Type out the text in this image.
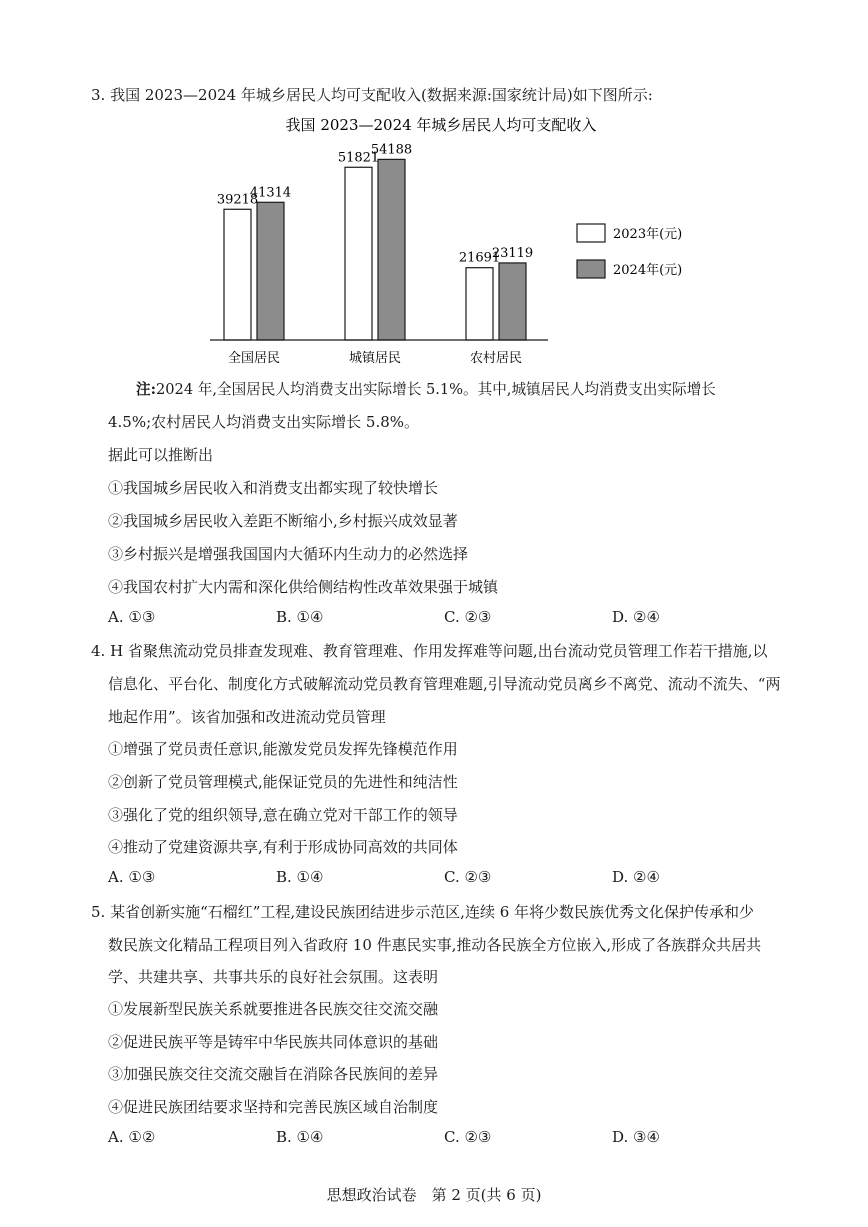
3. 我国 2023—2024 年城乡居民人均可支配收入(数据来源:国家统计局)如下图所示:
我国 2023—2024 年城乡居民人均可支配收入
39218
41314
51821
54188
21691
23119
全国居民	城镇居民	农村居民
2023年(元)
2024年(元)
注:2024 年,全国居民人均消费支出实际增长 5.1%。其中,城镇居民人均消费支出实际增长
4.5%;农村居民人均消费支出实际增长 5.8%。
据此可以推断出
①我国城乡居民收入和消费支出都实现了较快增长
②我国城乡居民收入差距不断缩小,乡村振兴成效显著
③乡村振兴是增强我国国内大循环内生动力的必然选择
④我国农村扩大内需和深化供给侧结构性改革效果强于城镇
A. ①③	B. ①④	C. ②③	D. ②④
4. H 省聚焦流动党员排查发现难、教育管理难、作用发挥难等问题,出台流动党员管理工作若干措施,以
信息化、平台化、制度化方式破解流动党员教育管理难题,引导流动党员离乡不离党、流动不流失、“两
地起作用”。该省加强和改进流动党员管理
①增强了党员责任意识,能激发党员发挥先锋模范作用
②创新了党员管理模式,能保证党员的先进性和纯洁性
③强化了党的组织领导,意在确立党对干部工作的领导
④推动了党建资源共享,有利于形成协同高效的共同体
A. ①③	B. ①④	C. ②③	D. ②④
5. 某省创新实施“石榴红”工程,建设民族团结进步示范区,连续 6 年将少数民族优秀文化保护传承和少
数民族文化精品工程项目列入省政府 10 件惠民实事,推动各民族全方位嵌入,形成了各族群众共居共
学、共建共享、共事共乐的良好社会氛围。这表明
①发展新型民族关系就要推进各民族交往交流交融
②促进民族平等是铸牢中华民族共同体意识的基础
③加强民族交往交流交融旨在消除各民族间的差异
④促进民族团结要求坚持和完善民族区域自治制度
A. ①②	B. ①④	C. ②③	D. ③④
思想政治试卷　第 2 页(共 6 页)
